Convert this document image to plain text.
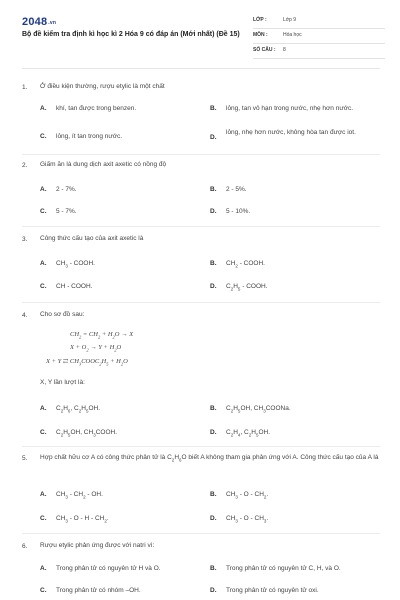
2048.vn
Bộ đề kiểm tra định kì học kì 2 Hóa 9 có đáp án (Mới nhất) (Đề 15)
LỚP :	Lớp 9
MÔN :	Hóa học
SỐ CÂU : 8
1. Ở điều kiện thường, rượu etylic là một chất
A. khí, tan được trong benzen.	B. lỏng, tan vô hạn trong nước, nhẹ hơn nước.
C. lỏng, ít tan trong nước.	D.
lỏng, nhẹ hơn nước, không hòa tan được iot.
2. Giấm ăn là dung dịch axit axetic có nồng độ
A. 2 - 7%.	B. 2 - 5%.
C. 5 - 7%.	D. 5 - 10%.
3. Công thức cấu tạo của axit axetic là
A. $CH_3$ - COOH.	B. $CH_2$ - COOH.
C. CH - COOH.	D. $C_2H_5$ - COOH.
4. Cho sơ đồ sau:
$CH_2 = CH_2 + H_2O \to X$
$X + O_2 \to Y + H_2O$
X + Y ⇄ $CH_3COOC_2H_5 + H_2O$
X, Y lần lượt là:
A. $C_2H_6$, $C_2H_5OH$.	B. $C_2H_5OH$, $CH_3COONa$.
C. $C_2H_5OH$, $CH_3COOH$.	D. $C_2H_4$, $C_2H_5OH$.
5. Hợp chất hữu cơ A có công thức phân tử là $C_2H_6O$ biết A không tham gia phản ứng với A. Công thức cấu tạo của A là
A. $CH_3 - CH_2$ - OH.	B. $CH_3$ - O - $CH_2$.
C. $CH_3$ - O - H - $CH_2$.	D. $CH_3$ - O - $CH_3$.
6. Rượu etylic phản ứng được với natri vì:
A. Trong phân tử có nguyên tử H và O.	B. Trong phân tử có nguyên tử C, H, và O.
C. Trong phân tử có nhóm –OH.	D. Trong phân tử có nguyên tử oxi.
